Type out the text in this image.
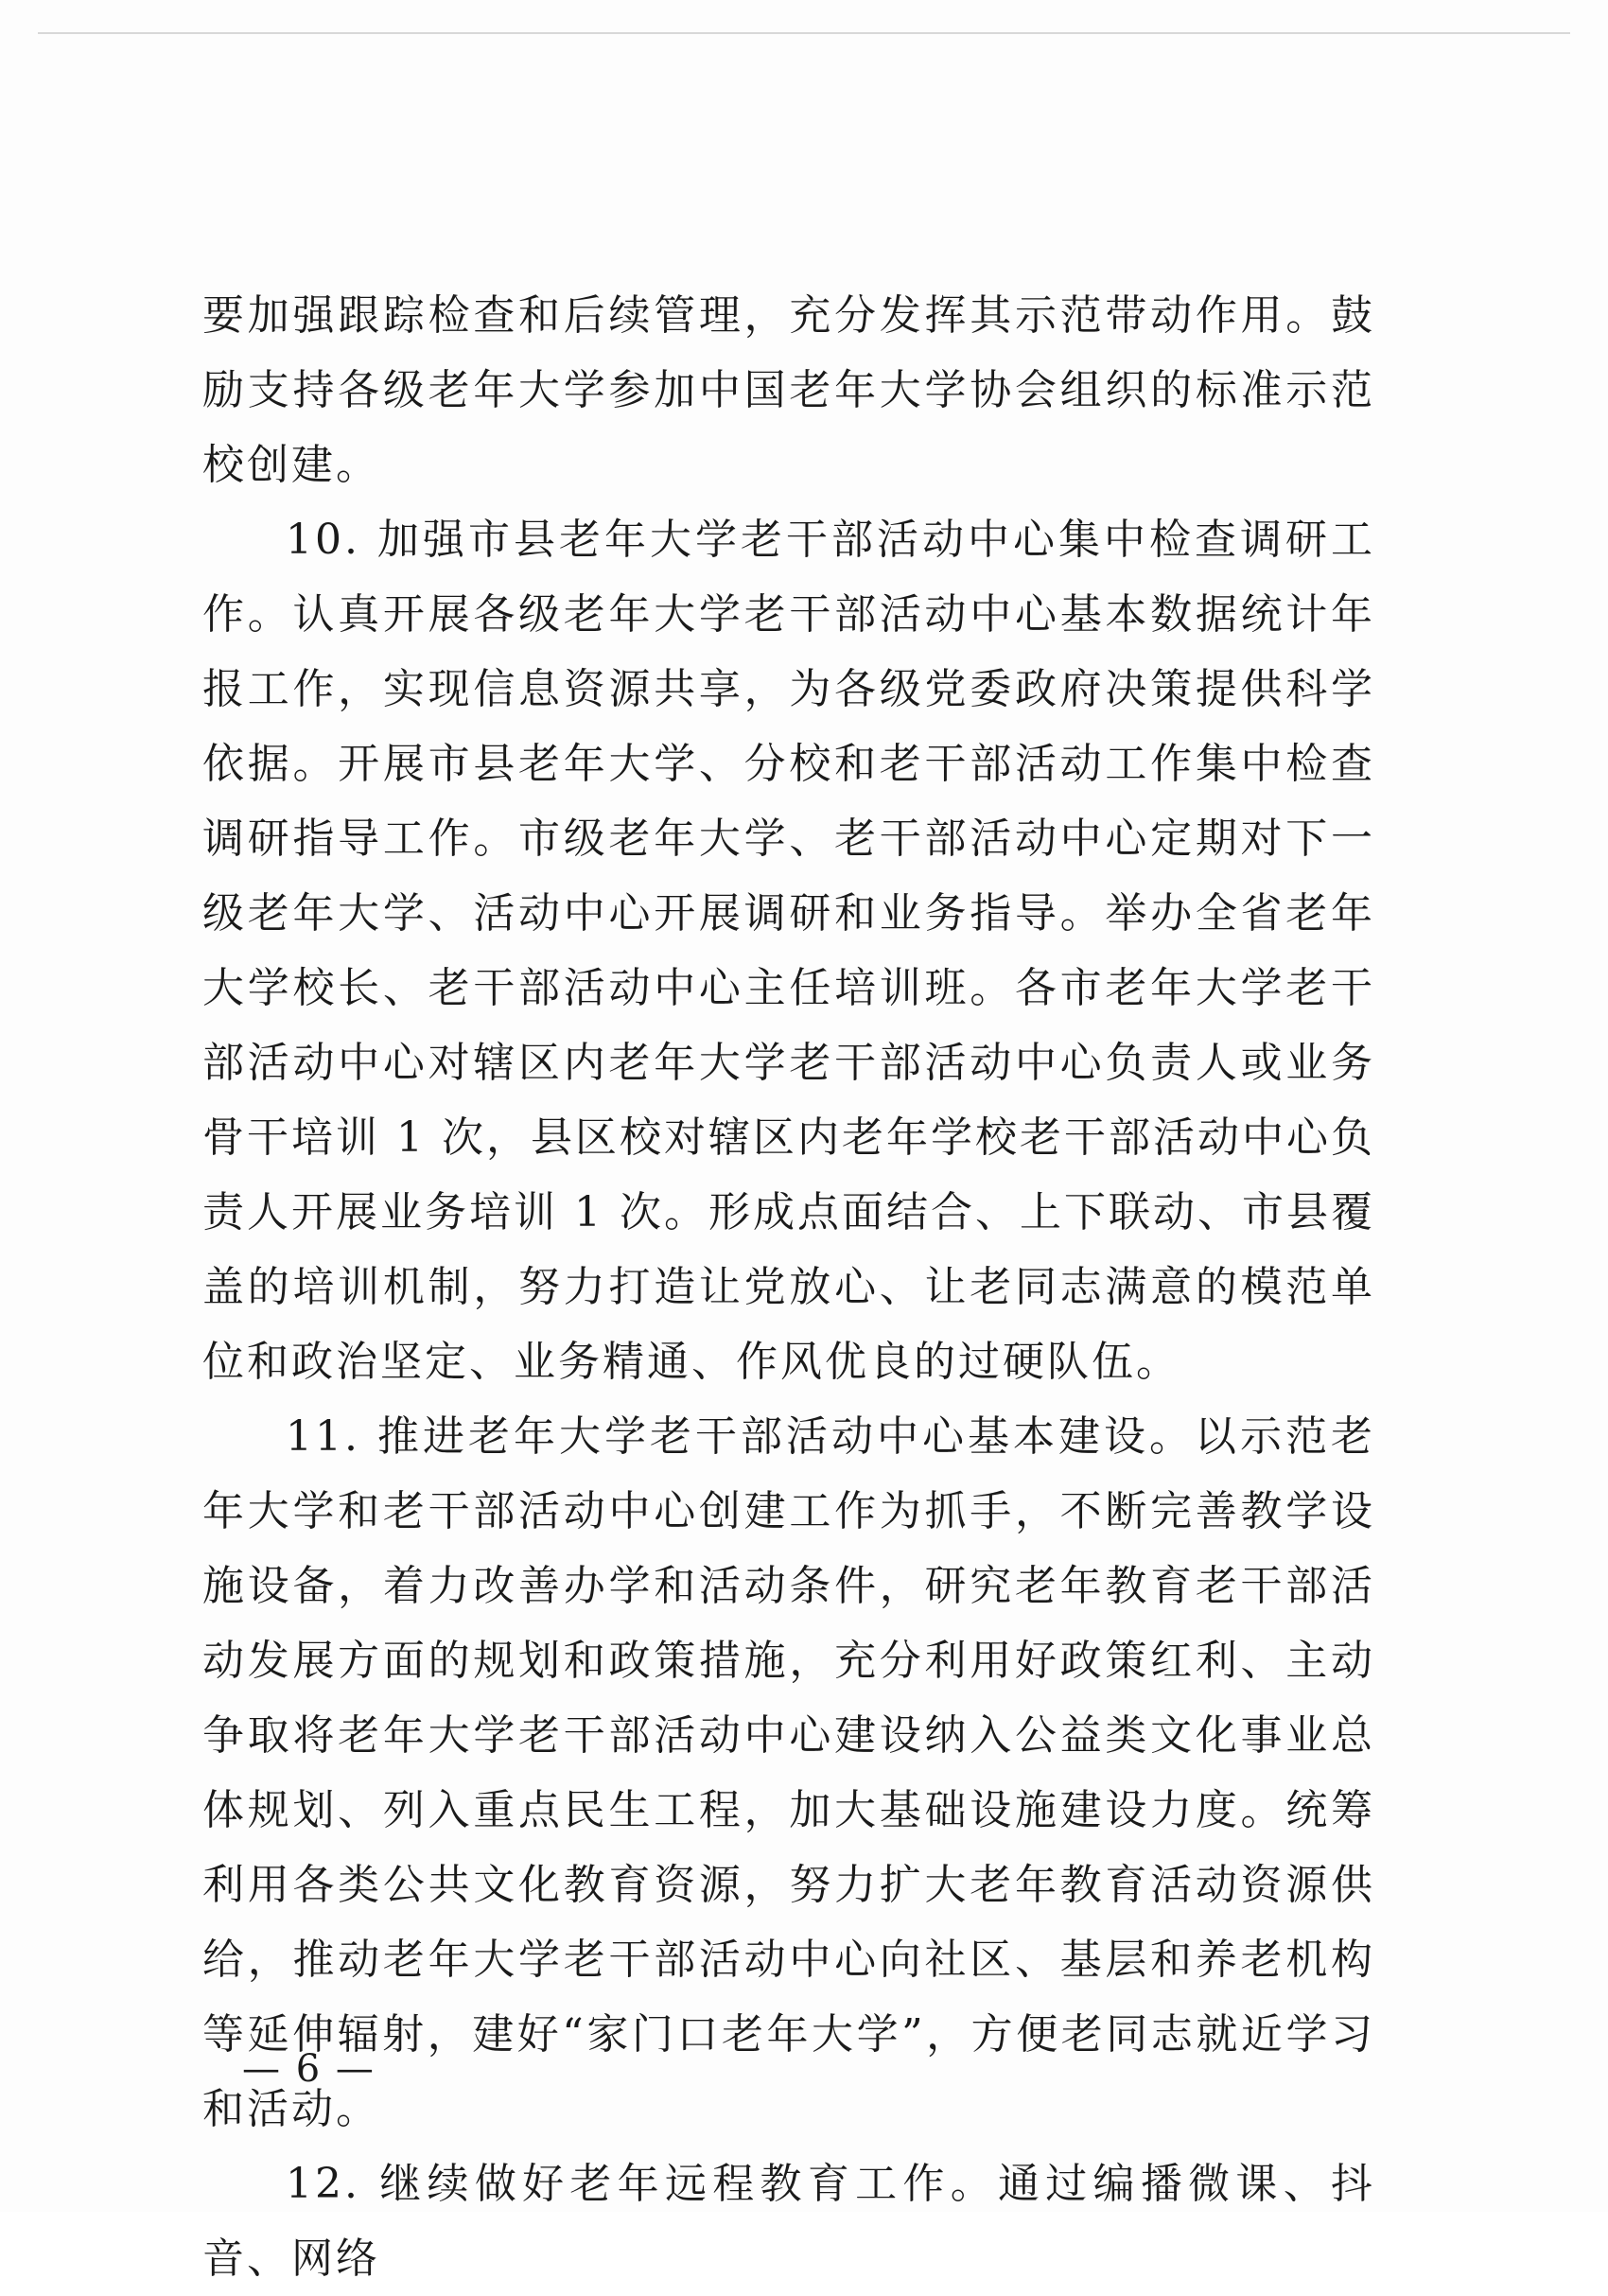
要加强跟踪检查和后续管理，充分发挥其示范带动作用。鼓励支持各级老年大学参加中国老年大学协会组织的标准示范校创建。

10. 加强市县老年大学老干部活动中心集中检查调研工作。认真开展各级老年大学老干部活动中心基本数据统计年报工作，实现信息资源共享，为各级党委政府决策提供科学依据。开展市县老年大学、分校和老干部活动工作集中检查调研指导工作。市级老年大学、老干部活动中心定期对下一级老年大学、活动中心开展调研和业务指导。举办全省老年大学校长、老干部活动中心主任培训班。各市老年大学老干部活动中心对辖区内老年大学老干部活动中心负责人或业务骨干培训 1 次，县区校对辖区内老年学校老干部活动中心负责人开展业务培训 1 次。形成点面结合、上下联动、市县覆盖的培训机制，努力打造让党放心、让老同志满意的模范单位和政治坚定、业务精通、作风优良的过硬队伍。

11. 推进老年大学老干部活动中心基本建设。以示范老年大学和老干部活动中心创建工作为抓手，不断完善教学设施设备，着力改善办学和活动条件，研究老年教育老干部活动发展方面的规划和政策措施，充分利用好政策红利、主动争取将老年大学老干部活动中心建设纳入公益类文化事业总体规划、列入重点民生工程，加大基础设施建设力度。统筹利用各类公共文化教育资源，努力扩大老年教育活动资源供给，推动老年大学老干部活动中心向社区、基层和养老机构等延伸辐射，建好“家门口老年大学”，方便老同志就近学习和活动。

12. 继续做好老年远程教育工作。通过编播微课、抖音、网络

— 6 —
